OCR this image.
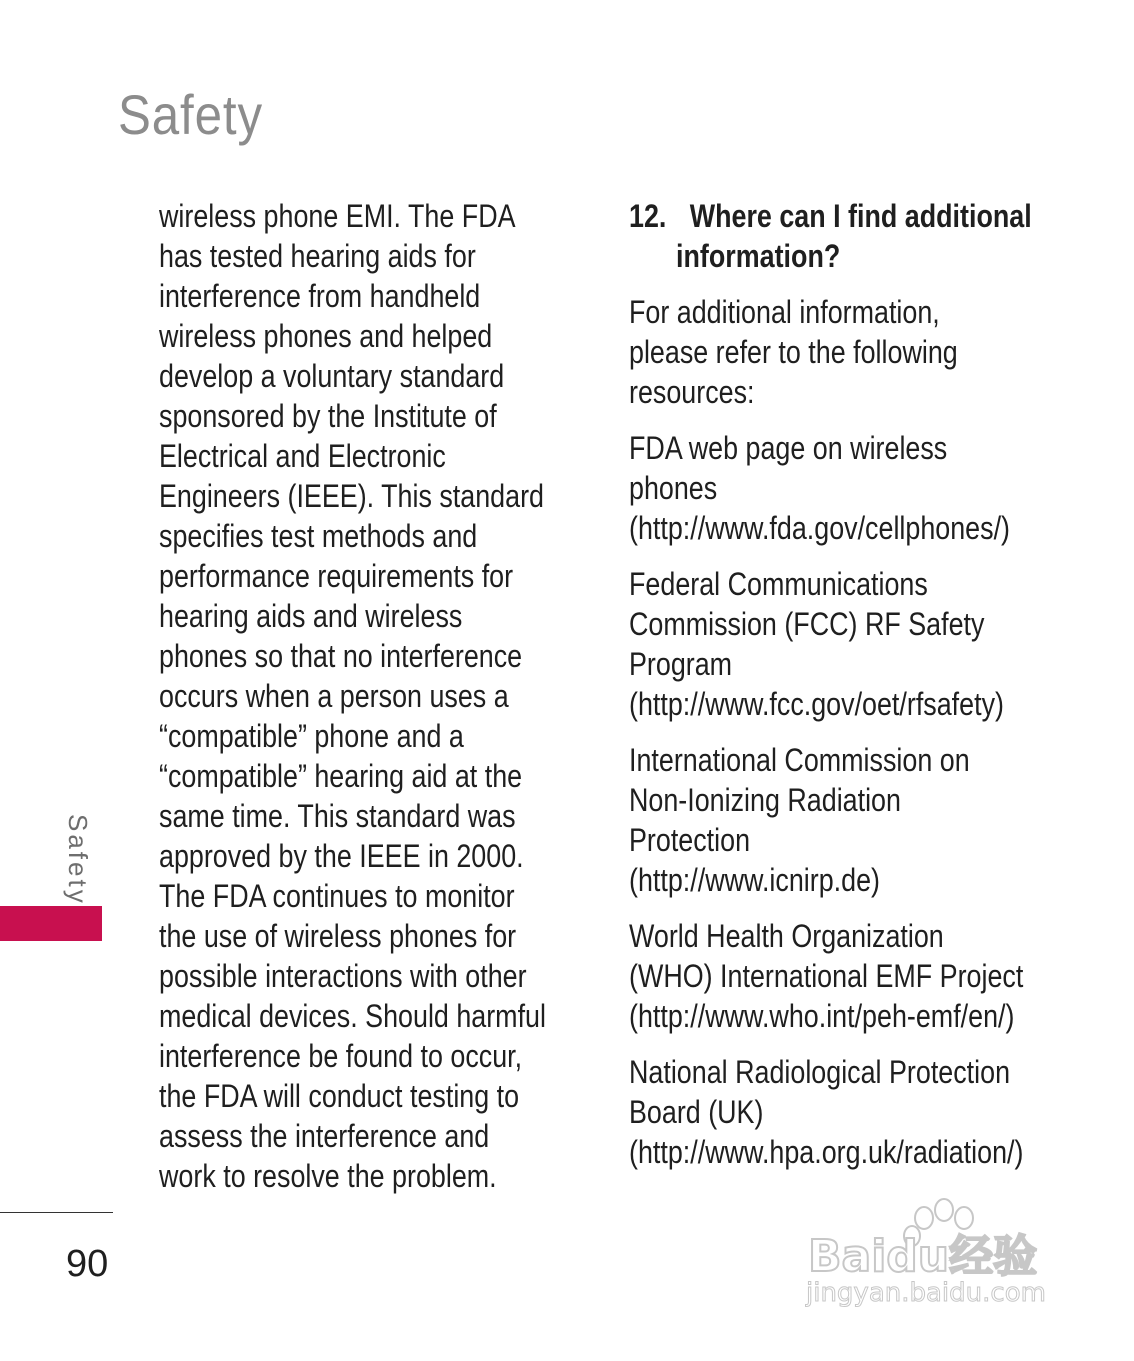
Safety
wireless phone EMI. The FDA
has tested hearing aids for
interference from handheld
wireless phones and helped
develop a voluntary standard
sponsored by the Institute of
Electrical and Electronic
Engineers (IEEE). This standard
specifies test methods and
performance requirements for
hearing aids and wireless
phones so that no interference
occurs when a person uses a
“compatible” phone and a
“compatible” hearing aid at the
same time. This standard was
approved by the IEEE in 2000.
The FDA continues to monitor
the use of wireless phones for
possible interactions with other
medical devices. Should harmful
interference be found to occur,
the FDA will conduct testing to
assess the interference and
work to resolve the problem.
12. Where can I find additional
information?
For additional information,
please refer to the following
resources:
FDA web page on wireless
phones
(http://www.fda.gov/cellphones/)
Federal Communications
Commission (FCC) RF Safety
Program
(http://www.fcc.gov/oet/rfsafety)
International Commission on
Non-Ionizing Radiation
Protection
(http://www.icnirp.de)
World Health Organization
(WHO) International EMF Project
(http://www.who.int/peh-emf/en/)
National Radiological Protection
Board (UK)
(http://www.hpa.org.uk/radiation/)
Safety
90	Baidu经验
jingyan.baidu.com
